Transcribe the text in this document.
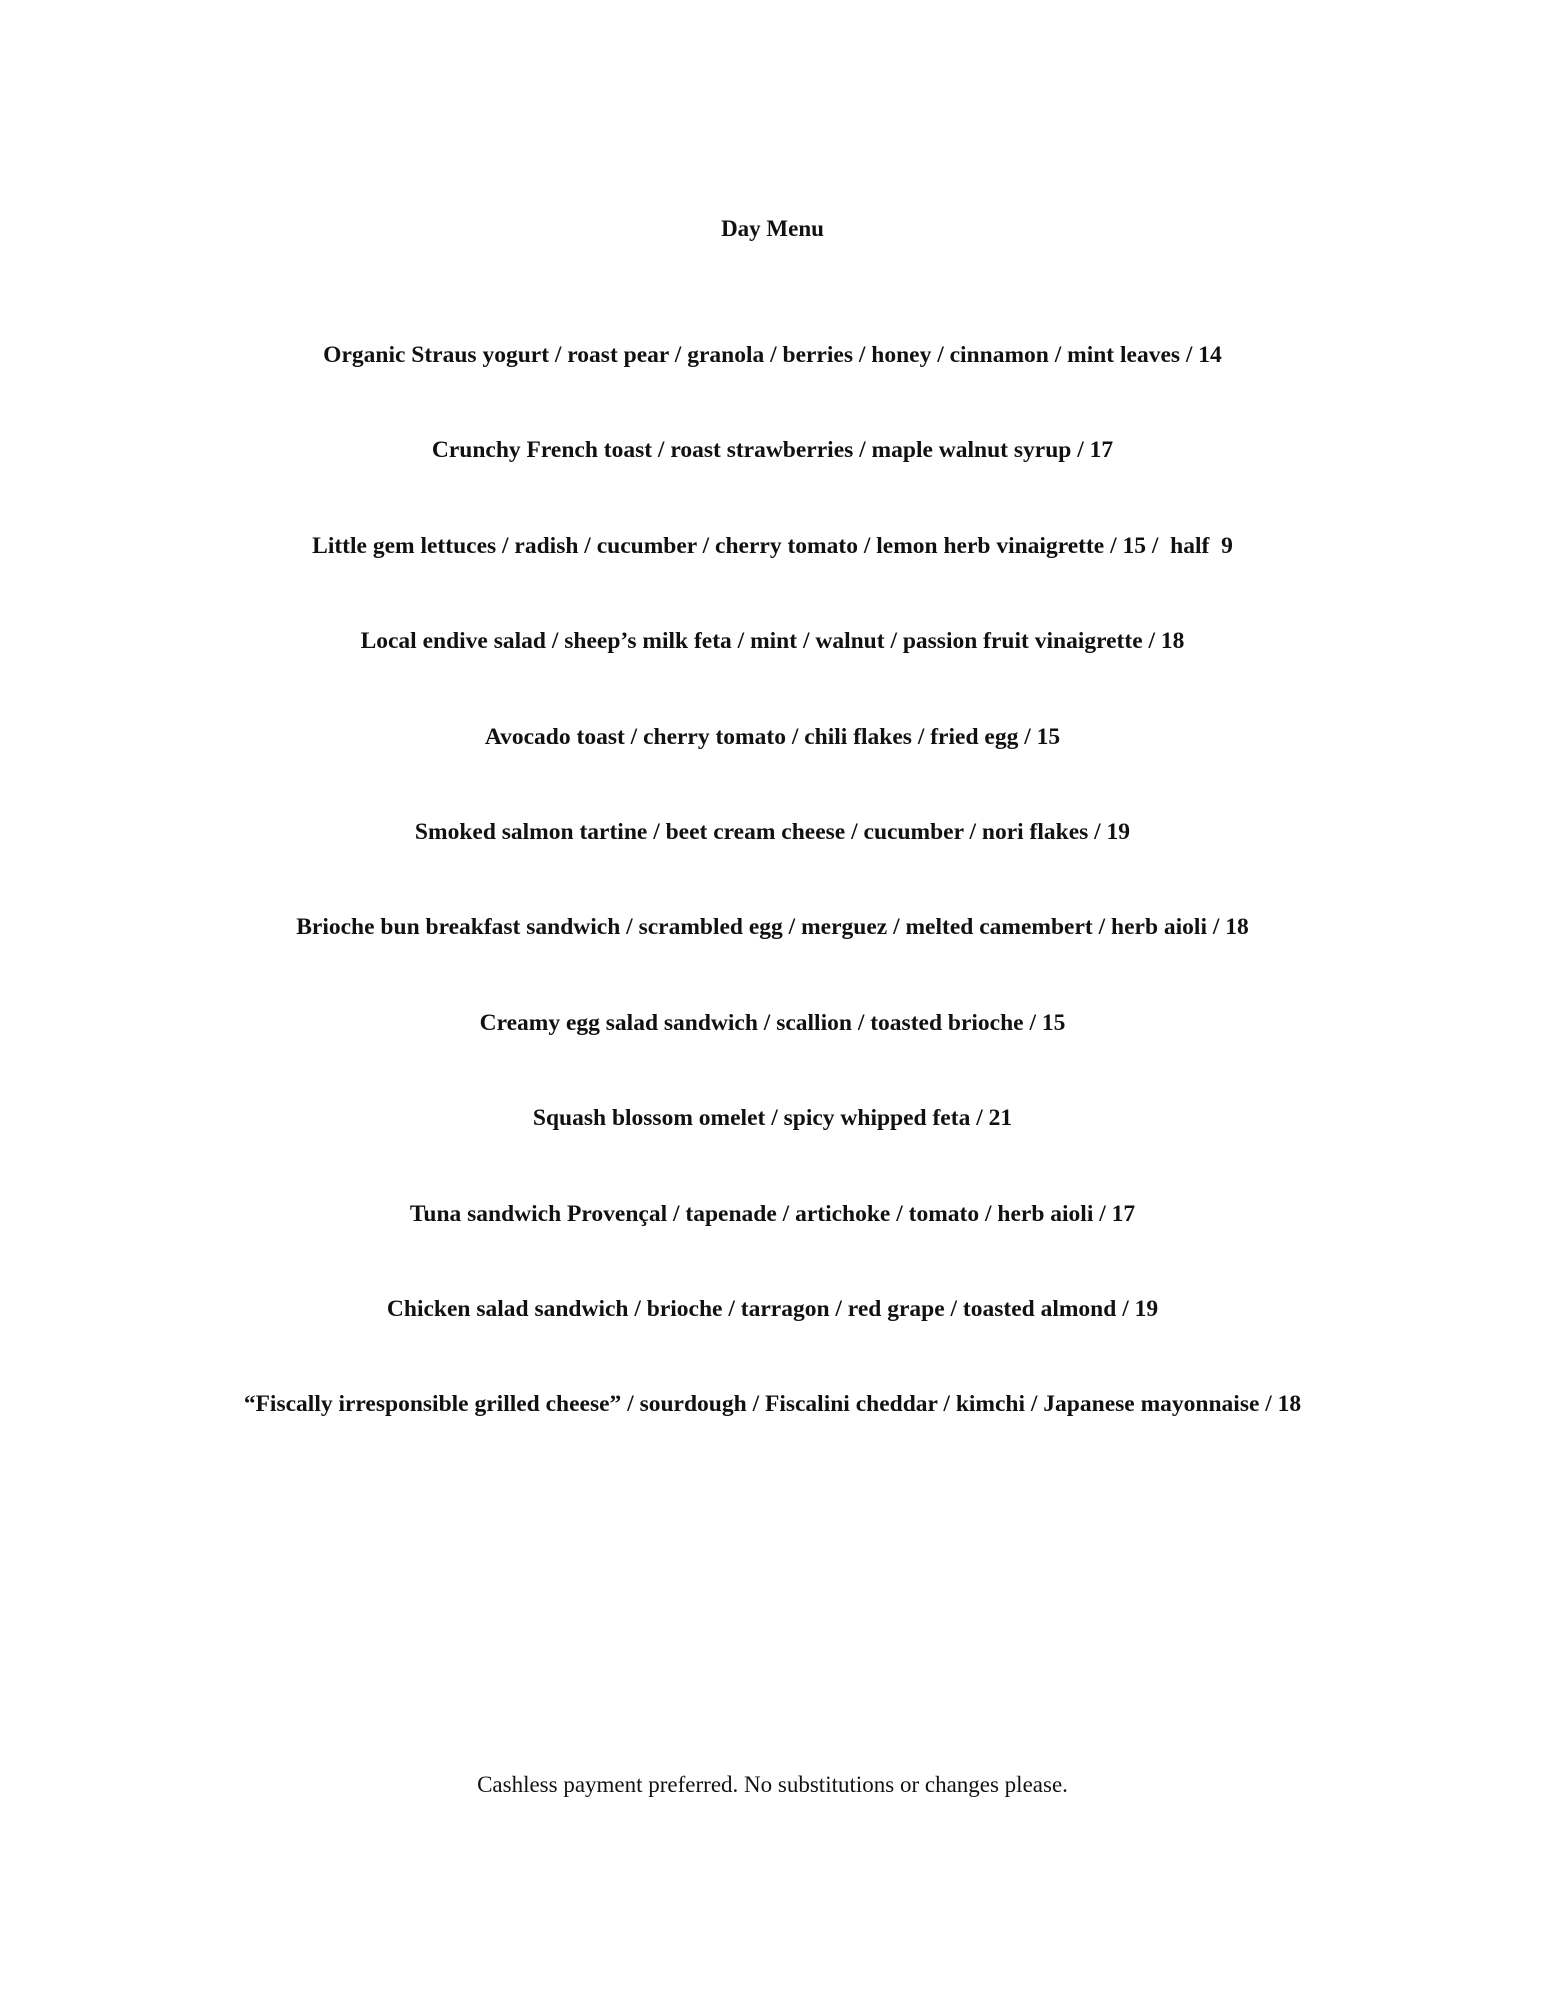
Day Menu
Organic Straus yogurt / roast pear / granola / berries / honey / cinnamon / mint leaves / 14
Crunchy French toast / roast strawberries / maple walnut syrup / 17
Little gem lettuces / radish / cucumber / cherry tomato / lemon herb vinaigrette / 15 /  half  9
Local endive salad / sheep’s milk feta / mint / walnut / passion fruit vinaigrette / 18
Avocado toast / cherry tomato / chili flakes / fried egg / 15
Smoked salmon tartine / beet cream cheese / cucumber / nori flakes / 19
Brioche bun breakfast sandwich / scrambled egg / merguez / melted camembert / herb aioli / 18
Creamy egg salad sandwich / scallion / toasted brioche / 15
Squash blossom omelet / spicy whipped feta / 21
Tuna sandwich Provençal / tapenade / artichoke / tomato / herb aioli / 17
Chicken salad sandwich / brioche / tarragon / red grape / toasted almond / 19
“Fiscally irresponsible grilled cheese” / sourdough / Fiscalini cheddar / kimchi / Japanese mayonnaise / 18

Cashless payment preferred. No substitutions or changes please.
